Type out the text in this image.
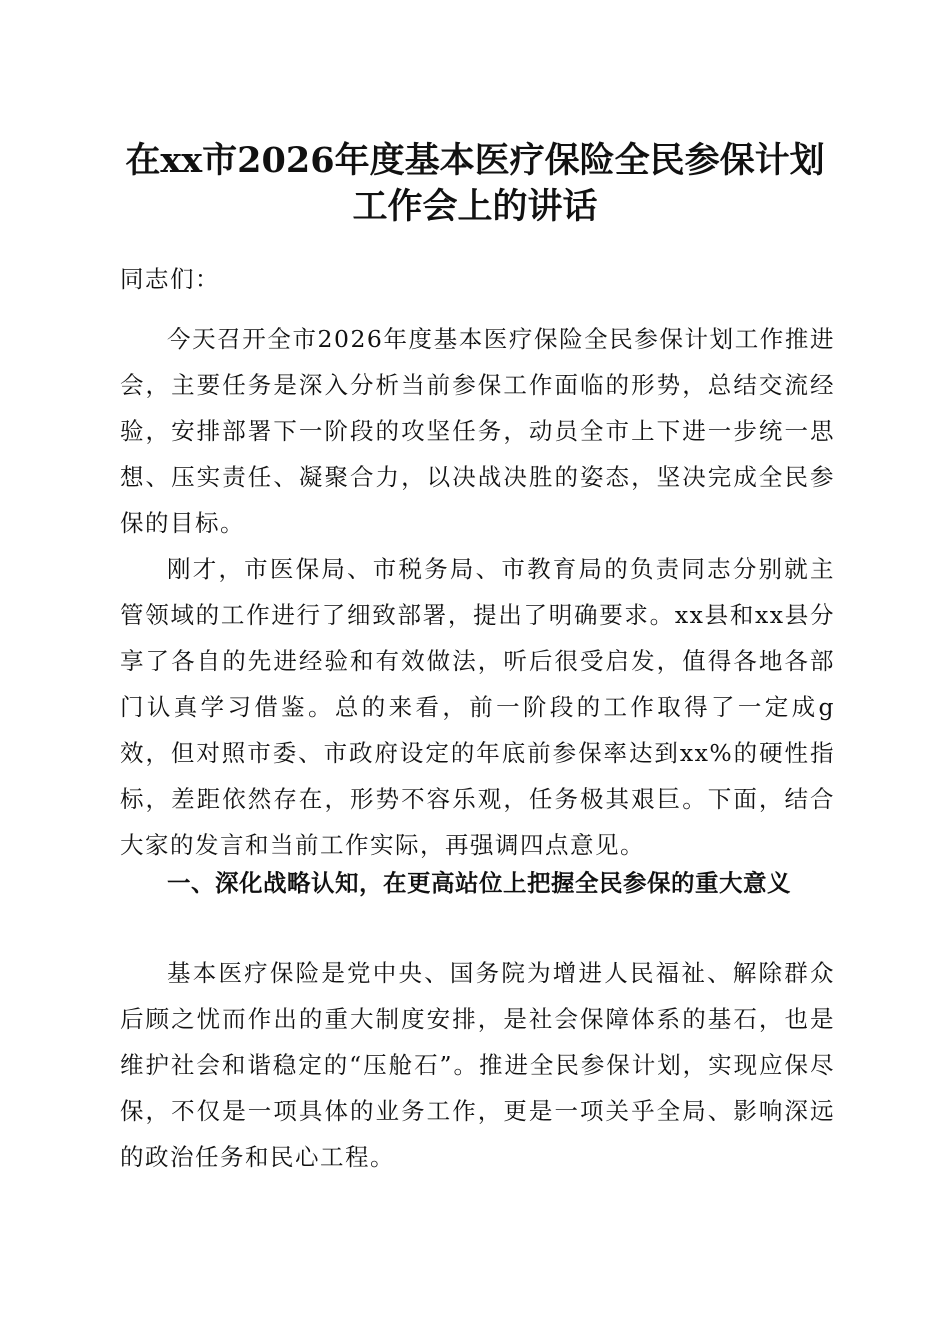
在xx市2026年度基本医疗保险全民参保计划
工作会上的讲话

同志们：

今天召开全市2026年度基本医疗保险全民参保计划工作推进会，主要任务是深入分析当前参保工作面临的形势，总结交流经验，安排部署下一阶段的攻坚任务，动员全市上下进一步统一思想、压实责任、凝聚合力，以决战决胜的姿态，坚决完成全民参保的目标。

刚才，市医保局、市税务局、市教育局的负责同志分别就主管领域的工作进行了细致部署，提出了明确要求。xx县和xx县分享了各自的先进经验和有效做法，听后很受启发，值得各地各部门认真学习借鉴。总的来看，前一阶段的工作取得了一定成g效，但对照市委、市政府设定的年底前参保率达到xx%的硬性指标，差距依然存在，形势不容乐观，任务极其艰巨。下面，结合大家的发言和当前工作实际，再强调四点意见。

一、深化战略认知，在更高站位上把握全民参保的重大意义

基本医疗保险是党中央、国务院为增进人民福祉、解除群众后顾之忧而作出的重大制度安排，是社会保障体系的基石，也是维护社会和谐稳定的“压舱石”。推进全民参保计划，实现应保尽保，不仅是一项具体的业务工作，更是一项关乎全局、影响深远的政治任务和民心工程。
